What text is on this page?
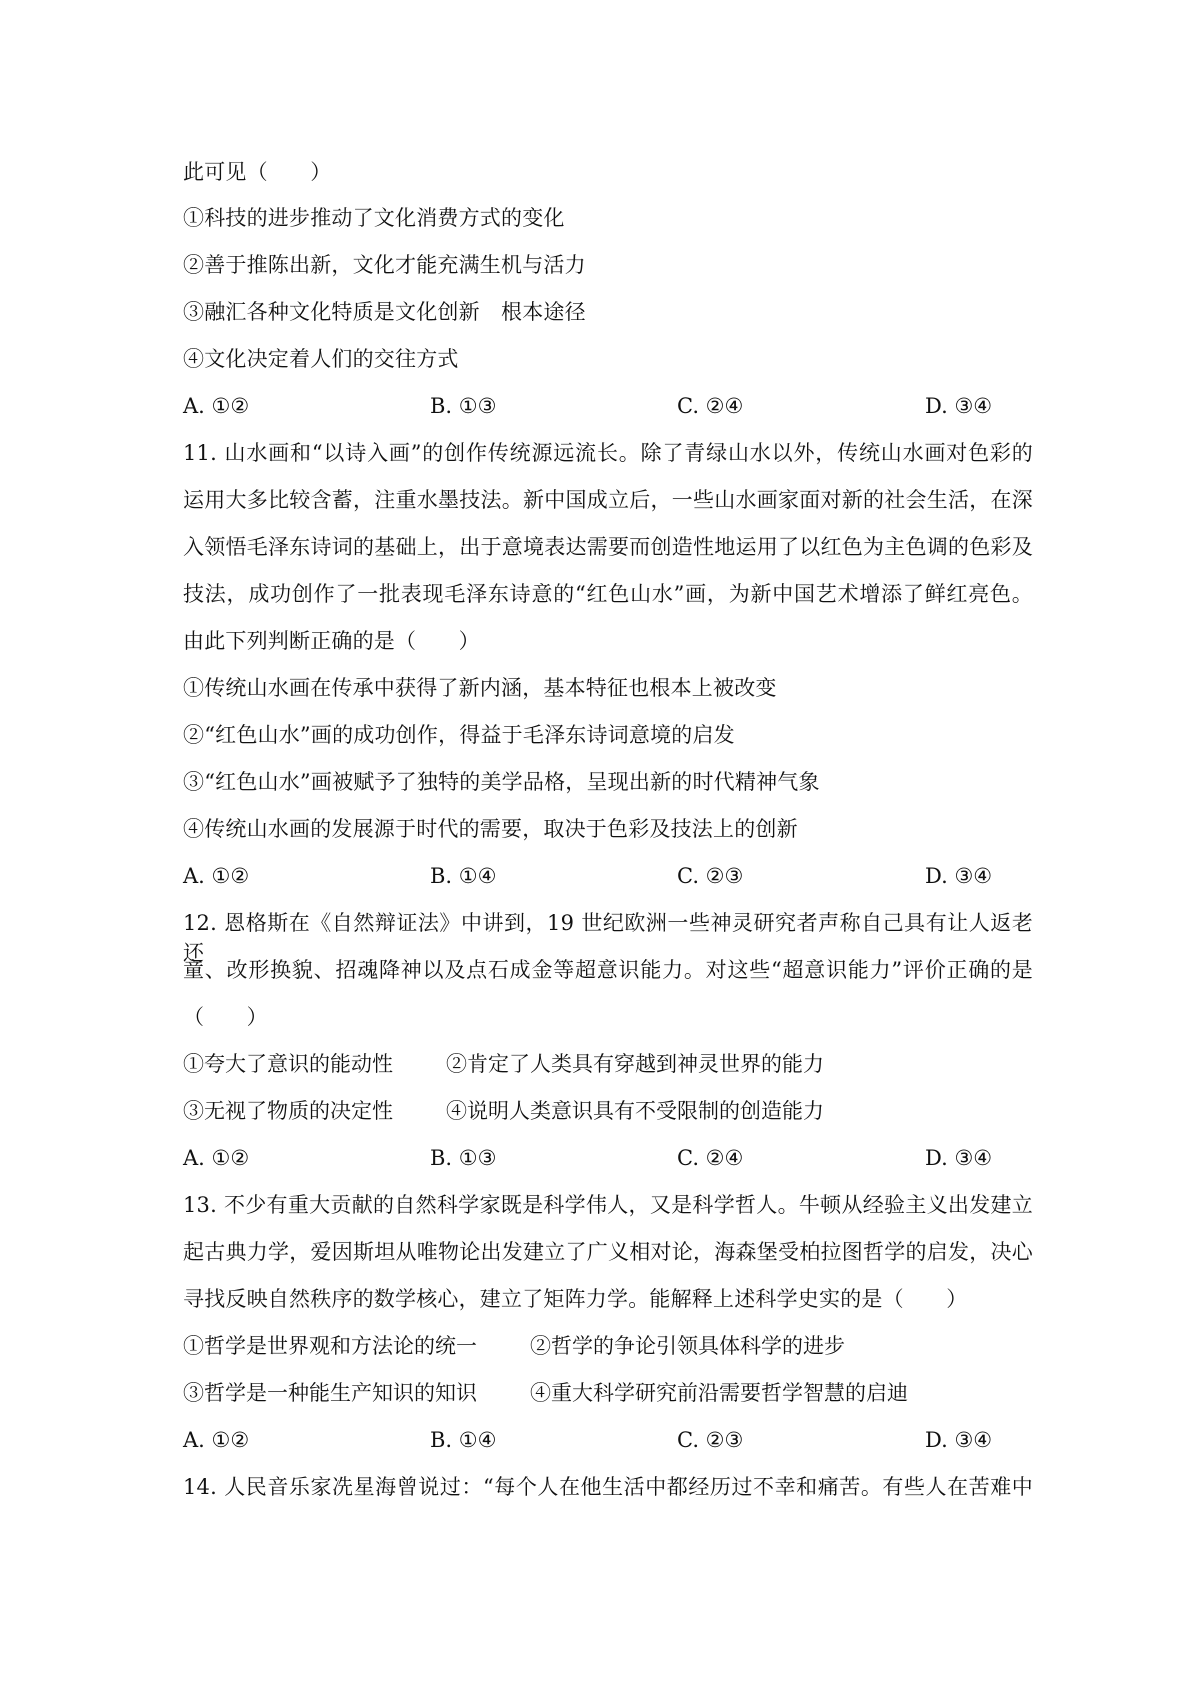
此可见（　　）
①科技的进步推动了文化消费方式的变化
②善于推陈出新，文化才能充满生机与活力
③融汇各种文化特质是文化创新　根本途径
④文化决定着人们的交往方式
A. ①②	B. ①③	C. ②④	D. ③④
11. 山水画和“以诗入画”的创作传统源远流长。除了青绿山水以外，传统山水画对色彩的
运用大多比较含蓄，注重水墨技法。新中国成立后，一些山水画家面对新的社会生活，在深
入领悟毛泽东诗词的基础上，出于意境表达需要而创造性地运用了以红色为主色调的色彩及
技法，成功创作了一批表现毛泽东诗意的“红色山水”画，为新中国艺术增添了鲜红亮色。
由此下列判断正确的是（　　）
①传统山水画在传承中获得了新内涵，基本特征也根本上被改变
②“红色山水”画的成功创作，得益于毛泽东诗词意境的启发
③“红色山水”画被赋予了独特的美学品格，呈现出新的时代精神气象
④传统山水画的发展源于时代的需要，取决于色彩及技法上的创新
A. ①②	B. ①④	C. ②③	D. ③④
12. 恩格斯在《自然辩证法》中讲到，19 世纪欧洲一些神灵研究者声称自己具有让人返老还
童、改形换貌、招魂降神以及点石成金等超意识能力。对这些“超意识能力”评价正确的是
（　　）
①夸大了意识的能动性	②肯定了人类具有穿越到神灵世界的能力
③无视了物质的决定性	④说明人类意识具有不受限制的创造能力
A. ①②	B. ①③	C. ②④	D. ③④
13. 不少有重大贡献的自然科学家既是科学伟人，又是科学哲人。牛顿从经验主义出发建立
起古典力学，爱因斯坦从唯物论出发建立了广义相对论，海森堡受柏拉图哲学的启发，决心
寻找反映自然秩序的数学核心，建立了矩阵力学。能解释上述科学史实的是（　　）
①哲学是世界观和方法论的统一	②哲学的争论引领具体科学的进步
③哲学是一种能生产知识的知识	④重大科学研究前沿需要哲学智慧的启迪
A. ①②	B. ①④	C. ②③	D. ③④
14. 人民音乐家冼星海曾说过：“每个人在他生活中都经历过不幸和痛苦。有些人在苦难中
